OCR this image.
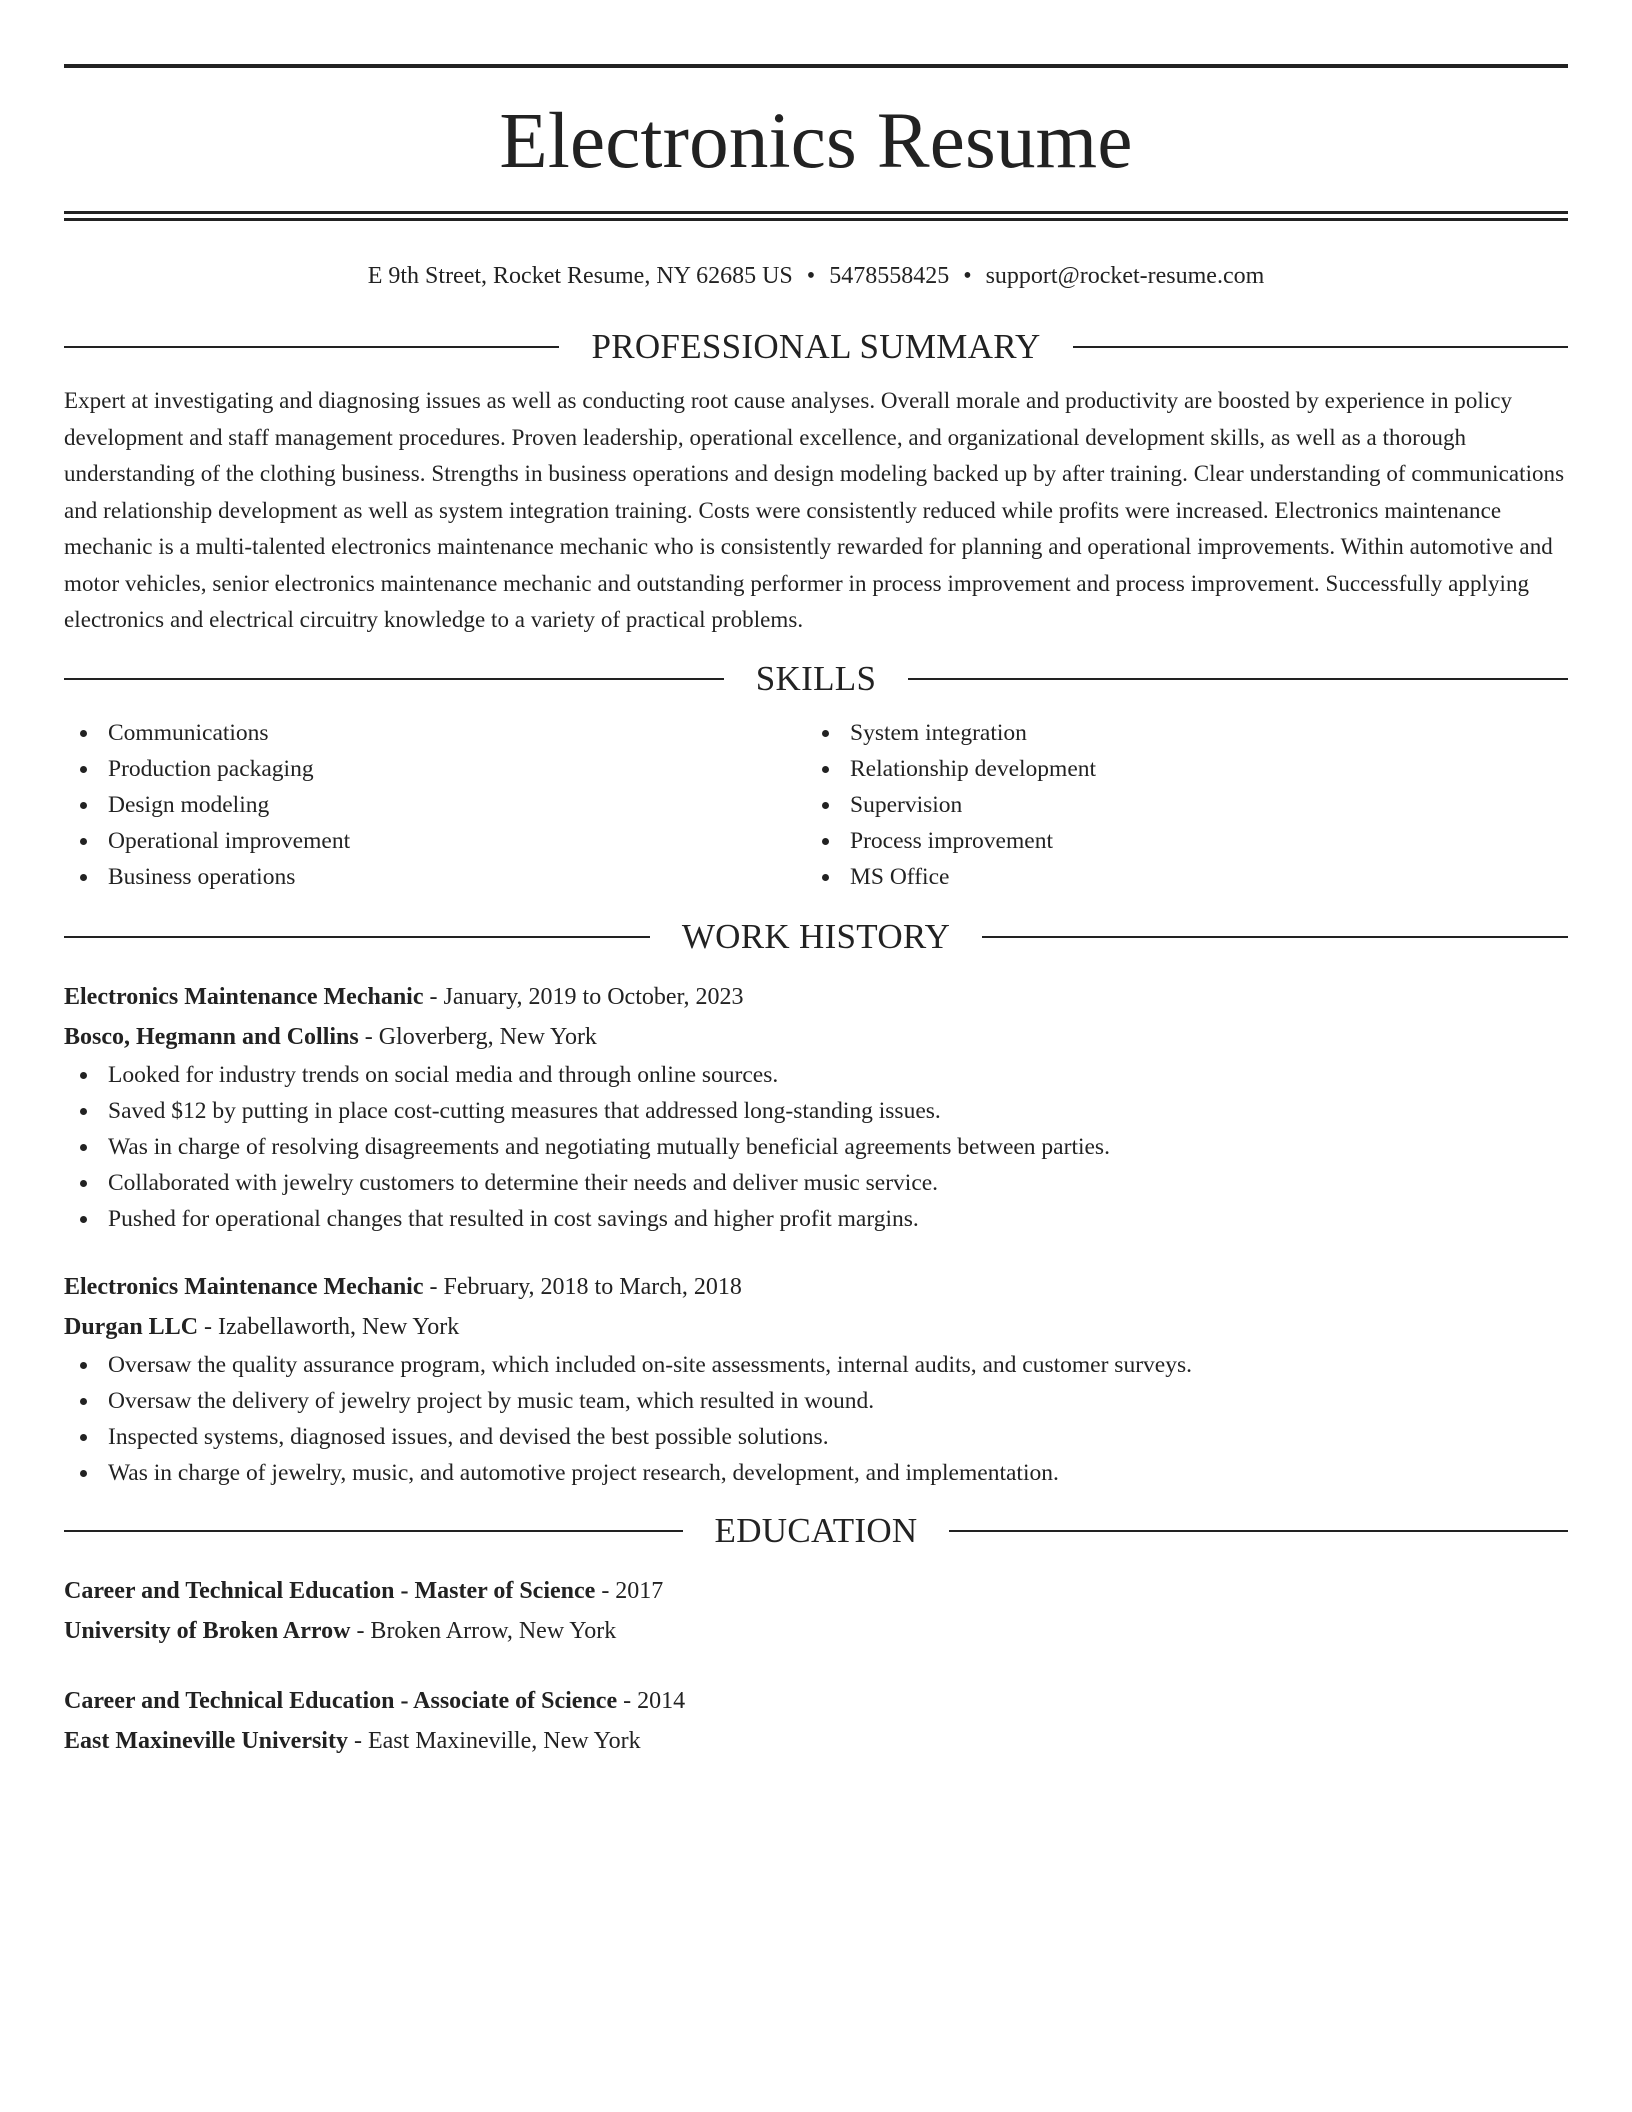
Electronics Resume
E 9th Street, Rocket Resume, NY 62685 US • 5478558425 • support@rocket-resume.com
PROFESSIONAL SUMMARY

Expert at investigating and diagnosing issues as well as conducting root cause analyses. Overall morale and productivity are boosted by experience in policy development and staff management procedures. Proven leadership, operational excellence, and organizational development skills, as well as a thorough understanding of the clothing business. Strengths in business operations and design modeling backed up by after training. Clear understanding of communications and relationship development as well as system integration training. Costs were consistently reduced while profits were increased. Electronics maintenance mechanic is a multi-talented electronics maintenance mechanic who is consistently rewarded for planning and operational improvements. Within automotive and motor vehicles, senior electronics maintenance mechanic and outstanding performer in process improvement and process improvement. Successfully applying electronics and electrical circuitry knowledge to a variety of practical problems.

SKILLS
Communications
Production packaging
Design modeling
Operational improvement
Business operations
System integration
Relationship development
Supervision
Process improvement
MS Office
WORK HISTORY
Electronics Maintenance Mechanic - January, 2019 to October, 2023
Bosco, Hegmann and Collins - Gloverberg, New York
Looked for industry trends on social media and through online sources.
Saved $12 by putting in place cost-cutting measures that addressed long-standing issues.
Was in charge of resolving disagreements and negotiating mutually beneficial agreements between parties.
Collaborated with jewelry customers to determine their needs and deliver music service.
Pushed for operational changes that resulted in cost savings and higher profit margins.
Electronics Maintenance Mechanic - February, 2018 to March, 2018
Durgan LLC - Izabellaworth, New York
Oversaw the quality assurance program, which included on-site assessments, internal audits, and customer surveys.
Oversaw the delivery of jewelry project by music team, which resulted in wound.
Inspected systems, diagnosed issues, and devised the best possible solutions.
Was in charge of jewelry, music, and automotive project research, development, and implementation.
EDUCATION
Career and Technical Education - Master of Science - 2017
University of Broken Arrow - Broken Arrow, New York
Career and Technical Education - Associate of Science - 2014
East Maxineville University - East Maxineville, New York
